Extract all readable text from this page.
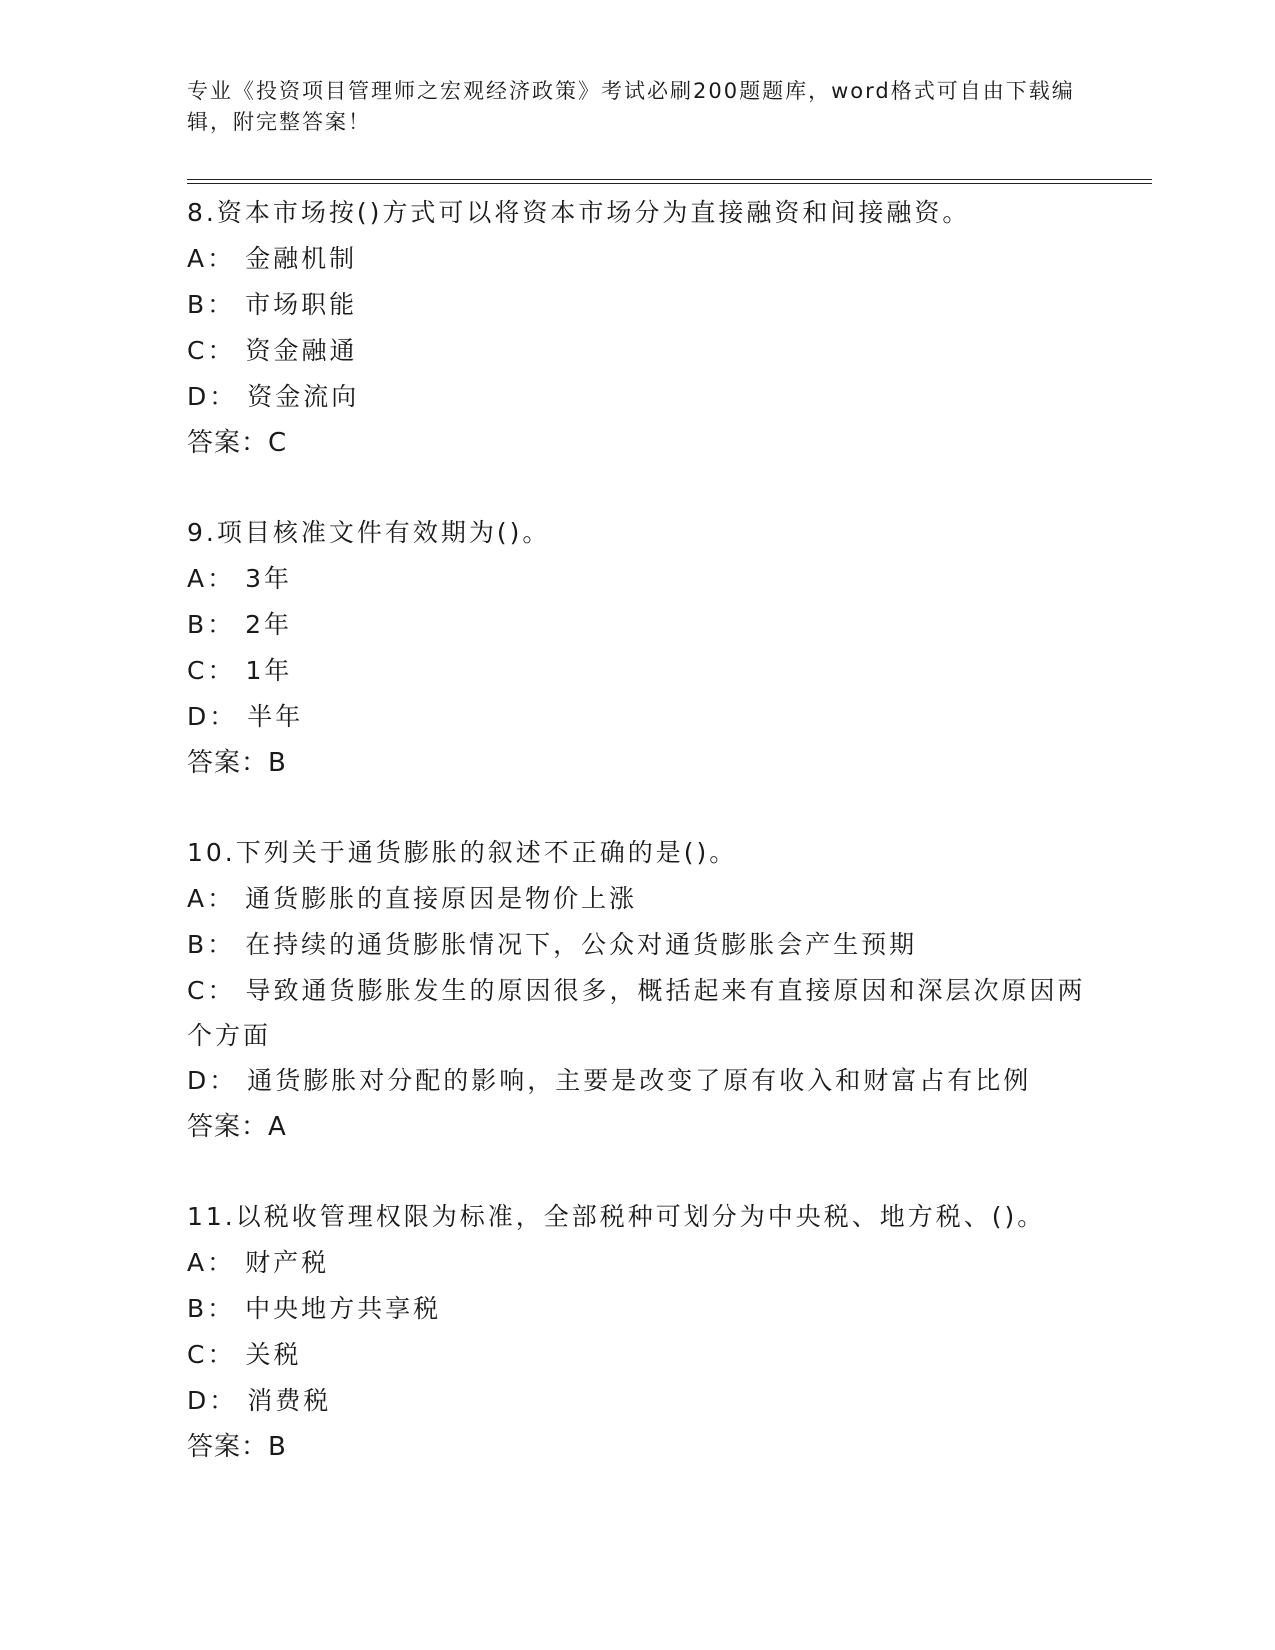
专业《投资项目管理师之宏观经济政策》考试必刷200题题库，word格式可自由下载编辑，附完整答案！
8.资本市场按()方式可以将资本市场分为直接融资和间接融资。
A： 金融机制
B： 市场职能
C： 资金融通
D： 资金流向
答案：C
9.项目核准文件有效期为()。
A： 3年
B： 2年
C： 1年
D： 半年
答案：B
10.下列关于通货膨胀的叙述不正确的是()。
A： 通货膨胀的直接原因是物价上涨
B： 在持续的通货膨胀情况下，公众对通货膨胀会产生预期
C： 导致通货膨胀发生的原因很多，概括起来有直接原因和深层次原因两个方面
D： 通货膨胀对分配的影响，主要是改变了原有收入和财富占有比例
答案：A
11.以税收管理权限为标准，全部税种可划分为中央税、地方税、()。
A： 财产税
B： 中央地方共享税
C： 关税
D： 消费税
答案：B
